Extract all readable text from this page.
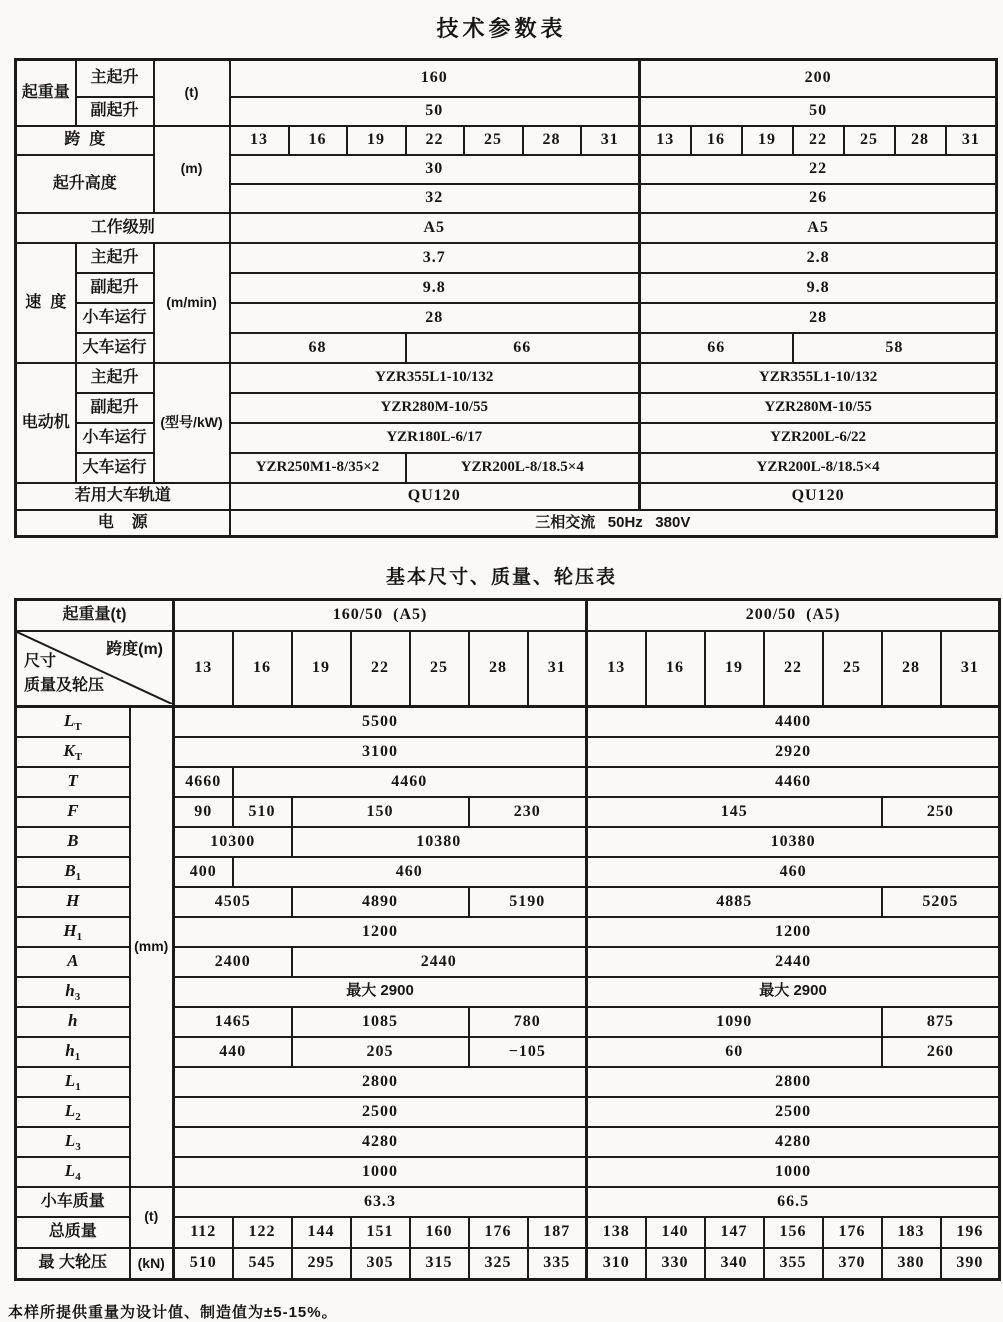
技术参数表
起重量	主起升	(t)	160							200						
	副起升		50							50						
跨  度		(m)	13	16	19	22	25	28	31	13	16	19	22	25	28	31
起升高度			30							22						
			32							26						
工作级别			A5							A5						
速  度	主起升	(m/min)	3.7							2.8						
	副起升		9.8							9.8						
	小车运行		28							28						
	大车运行		68			66				66			58			
电动机	主起升	(型号/kW)	YZR355L1-10/132							YZR355L1-10/132						
	副起升		YZR280M-10/55							YZR280M-10/55						
	小车运行		YZR180L-6/17							YZR200L-6/22						
	大车运行		YZR250M1-8/35×2			YZR200L-8/18.5×4				YZR200L-8/18.5×4						
若用大车轨道			QU120							QU120						
电    源			三相交流   50Hz   380V													
基本尺寸、质量、轮压表
起重量(t)		160/50  (A5)							200/50  (A5)						

跨度(m)
尺寸
质量及轮压		13	16	19	22	25	28	31	13	16	19	22	25	28	31
$L_T$	(mm)	5500							4400						
$K_T$		3100							2920						
T		4660	4460						4460						
F		90	510	150			230		145					250	
B		10300		10380					10380						
$B_1$		400	460						460						
H		4505		4890			5190		4885					5205	
$H_1$		1200							1200						
A		2400		2440					2440						
$h_3$		最大 2900							最大 2900						
h		1465		1085			780		1090					875	
$h_1$		440		205			−105		60					260	
$L_1$		2800							2800						
$L_2$		2500							2500						
$L_3$		4280							4280						
$L_4$		1000							1000						
小车质量	(t)	63.3							66.5						
总质量		112	122	144	151	160	176	187	138	140	147	156	176	183	196
最 大轮压	(kN)	510	545	295	305	315	325	335	310	330	340	355	370	380	390

本样所提供重量为设计值、制造值为±5-15%。
